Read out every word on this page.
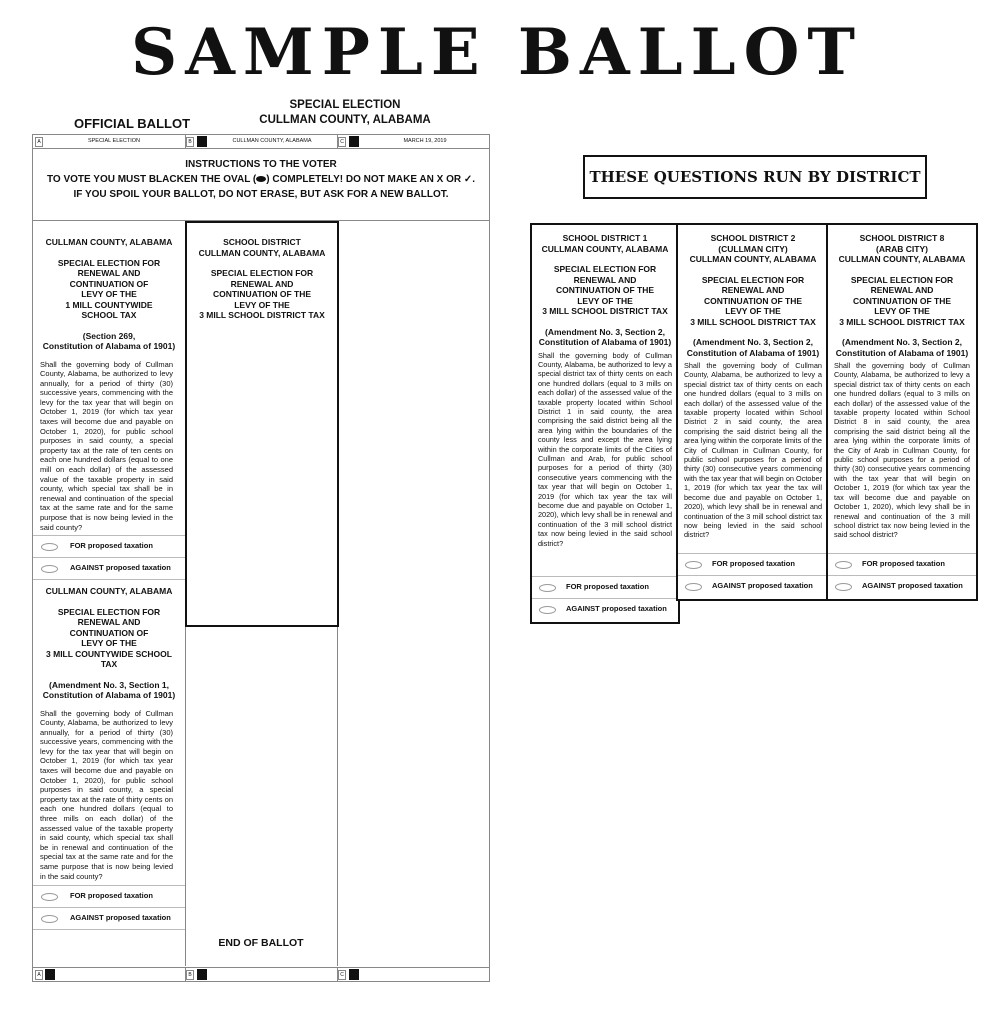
SAMPLE BALLOT
OFFICIAL BALLOT
SPECIAL ELECTION
CULLMAN COUNTY, ALABAMA
A	SPECIAL ELECTION	B	CULLMAN COUNTY, ALABAMA	C	MARCH 19, 2019
INSTRUCTIONS TO THE VOTER
TO VOTE YOU MUST BLACKEN THE OVAL ( ) COMPLETELY! DO NOT MAKE AN X OR ✓.
IF YOU SPOIL YOUR BALLOT, DO NOT ERASE, BUT ASK FOR A NEW BALLOT.
CULLMAN COUNTY, ALABAMA
SPECIAL ELECTION FOR
RENEWAL AND
CONTINUATION OF
LEVY OF THE
1 MILL COUNTYWIDE
SCHOOL TAX
(Section 269,
Constitution of Alabama of 1901)
Shall the governing body of Cullman County, Alabama, be authorized to levy annually, for a period of thirty (30) successive years, commencing with the levy for the tax year that will begin on October 1, 2019 (for which tax year taxes will become due and payable on October 1, 2020), for public school purposes in said county, a special property tax at the rate of ten cents on each one hundred dollars (equal to one mill on each dollar) of the assessed value of the taxable property in said county, which special tax shall be in renewal and continuation of the special tax at the same rate and for the same purpose that is now being levied in the said county?
FOR proposed taxation
AGAINST proposed taxation
CULLMAN COUNTY, ALABAMA
SPECIAL ELECTION FOR
RENEWAL AND
CONTINUATION OF
LEVY OF THE
3 MILL COUNTYWIDE SCHOOL
TAX
(Amendment No. 3, Section 1,
Constitution of Alabama of 1901)
Shall the governing body of Cullman County, Alabama, be authorized to levy annually, for a period of thirty (30) successive years, commencing with the levy for the tax year that will begin on October 1, 2019 (for which tax year taxes will become due and payable on October 1, 2020), for public school purposes in said county, a special property tax at the rate of thirty cents on each one hundred dollars (equal to three mills on each dollar) of the assessed value of the taxable property in said county, which special tax shall be in renewal and continuation of the special tax at the same rate and for the same purpose that is now being levied in the said county?
FOR proposed taxation
AGAINST proposed taxation
SCHOOL DISTRICT
CULLMAN COUNTY, ALABAMA
SPECIAL ELECTION FOR
RENEWAL AND
CONTINUATION OF THE
LEVY OF THE
3 MILL SCHOOL DISTRICT TAX
END OF BALLOT
A	B	C
THESE QUESTIONS RUN BY DISTRICT
SCHOOL DISTRICT 1
CULLMAN COUNTY, ALABAMA
SPECIAL ELECTION FOR
RENEWAL AND
CONTINUATION OF THE
LEVY OF THE
3 MILL SCHOOL DISTRICT TAX
(Amendment No. 3, Section 2,
Constitution of Alabama of 1901)
Shall the governing body of Cullman County, Alabama, be authorized to levy a special district tax of thirty cents on each one hundred dollars (equal to 3 mills on each dollar) of the assessed value of the taxable property located within School District 1 in said county, the area comprising the said district being all the area lying within the boundaries of the county less and except the area lying within the corporate limits of the Cities of Cullman and Arab, for public school purposes for a period of thirty (30) consecutive years commencing with the tax year that will begin on October 1, 2019 (for which tax year the tax will become due and payable on October 1, 2020), which levy shall be in renewal and continuation of the 3 mill school district tax now being levied in the said school district?
FOR proposed taxation
AGAINST proposed taxation
SCHOOL DISTRICT 2
(CULLMAN CITY)
CULLMAN COUNTY, ALABAMA
SPECIAL ELECTION FOR
RENEWAL AND
CONTINUATION OF THE
LEVY OF THE
3 MILL SCHOOL DISTRICT TAX
(Amendment No. 3, Section 2,
Constitution of Alabama of 1901)
Shall the governing body of Cullman County, Alabama, be authorized to levy a special district tax of thirty cents on each one hundred dollars (equal to 3 mills on each dollar) of the assessed value of the taxable property located within School District 2 in said county, the area comprising the said district being all the area lying within the corporate limits of the City of Cullman in Cullman County, for public school purposes for a period of thirty (30) consecutive years commencing with the tax year that will begin on October 1, 2019 (for which tax year the tax will become due and payable on October 1, 2020), which levy shall be in renewal and continuation of the 3 mill school district tax now being levied in the said school district?
FOR proposed taxation
AGAINST proposed taxation
SCHOOL DISTRICT 8
(ARAB CITY)
CULLMAN COUNTY, ALABAMA
SPECIAL ELECTION FOR
RENEWAL AND
CONTINUATION OF THE
LEVY OF THE
3 MILL SCHOOL DISTRICT TAX
(Amendment No. 3, Section 2,
Constitution of Alabama of 1901)
Shall the governing body of Cullman County, Alabama, be authorized to levy a special district tax of thirty cents on each one hundred dollars (equal to 3 mills on each dollar) of the assessed value of the taxable property located within School District 8 in said county, the area comprising the said district being all the area lying within the corporate limits of the City of Arab in Cullman County, for public school purposes for a period of thirty (30) consecutive years commencing with the tax year that will begin on October 1, 2019 (for which tax year the tax will become due and payable on October 1, 2020), which levy shall be in renewal and continuation of the 3 mill school district tax now being levied in the said school district?
FOR proposed taxation
AGAINST proposed taxation
